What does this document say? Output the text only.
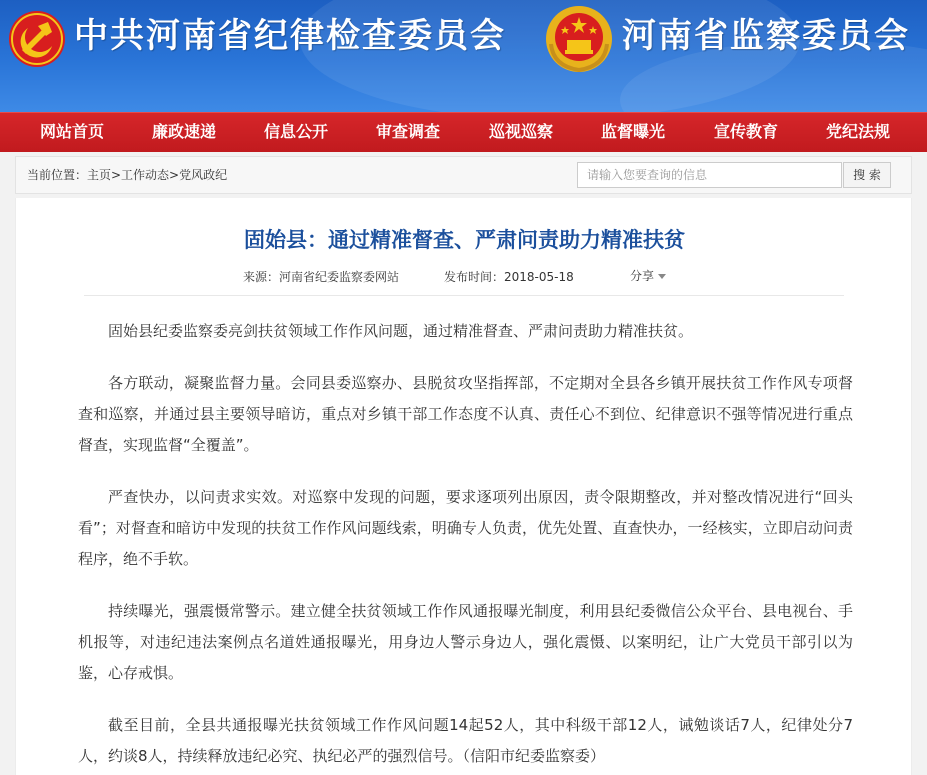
中共河南省纪律检查委员会	河南省监察委员会
网站首页	廉政速递	信息公开	审查调查	巡视巡察	监督曝光	宣传教育	党纪法规
当前位置：主页>工作动态>党风政纪
请输入您要查询的信息	搜 索
固始县：通过精准督查、严肃问责助力精准扶贫
来源：河南省纪委监察委网站	发布时间：2018-05-18	分享

固始县纪委监察委亮剑扶贫领域工作作风问题，通过精准督查、严肃问责助力精准扶贫。

各方联动，凝聚监督力量。会同县委巡察办、县脱贫攻坚指挥部，不定期对全县各乡镇开展扶贫工作作风专项督查和巡察，并通过县主要领导暗访，重点对乡镇干部工作态度不认真、责任心不到位、纪律意识不强等情况进行重点督查，实现监督“全覆盖”。

严查快办，以问责求实效。对巡察中发现的问题，要求逐项列出原因，责令限期整改，并对整改情况进行“回头看”；对督查和暗访中发现的扶贫工作作风问题线索，明确专人负责，优先处置、直查快办，一经核实，立即启动问责程序，绝不手软。

持续曝光，强震慑常警示。建立健全扶贫领域工作作风通报曝光制度，利用县纪委微信公众平台、县电视台、手机报等，对违纪违法案例点名道姓通报曝光，用身边人警示身边人，强化震慑、以案明纪，让广大党员干部引以为鉴，心存戒惧。

截至目前，全县共通报曝光扶贫领域工作作风问题14起52人，其中科级干部12人，诫勉谈话7人，纪律处分7人，约谈8人，持续释放违纪必究、执纪必严的强烈信号。（信阳市纪委监察委）
